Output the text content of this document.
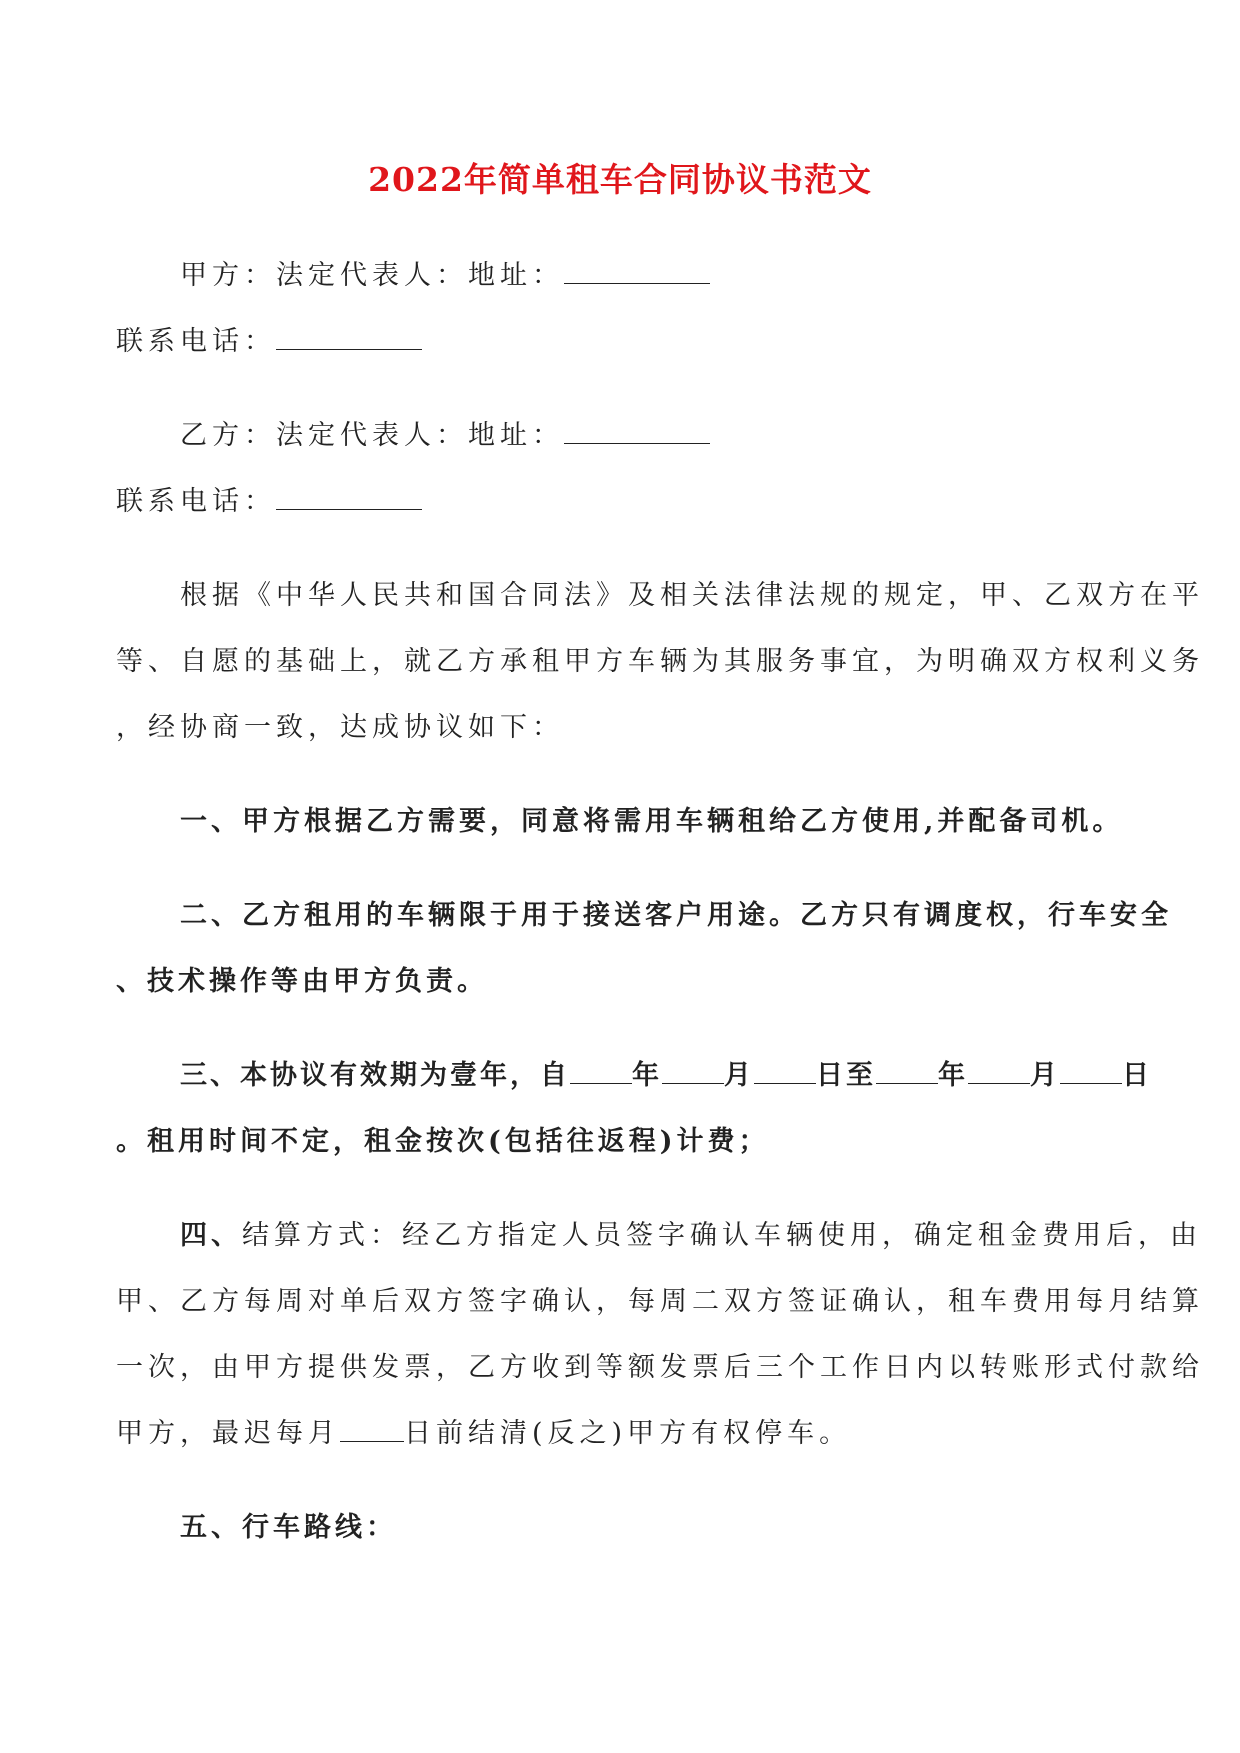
2022年简单租车合同协议书范文
甲方：法定代表人：地址：
联系电话：
乙方：法定代表人：地址：
联系电话：
根据《中华人民共和国合同法》及相关法律法规的规定，甲、乙双方在平
等、自愿的基础上，就乙方承租甲方车辆为其服务事宜，为明确双方权利义务
，经协商一致，达成协议如下：
一、甲方根据乙方需要，同意将需用车辆租给乙方使用,并配备司机。
二、乙方租用的车辆限于用于接送客户用途。乙方只有调度权，行车安全
、技术操作等由甲方负责。
三、本协议有效期为壹年，自 年 月 日至 年 月 日
。租用时间不定，租金按次(包括往返程)计费；
四、结算方式：经乙方指定人员签字确认车辆使用，确定租金费用后，由
甲、乙方每周对单后双方签字确认，每周二双方签证确认，租车费用每月结算
一次，由甲方提供发票，乙方收到等额发票后三个工作日内以转账形式付款给
甲方，最迟每月 日前结清(反之)甲方有权停车。
五、行车路线：
